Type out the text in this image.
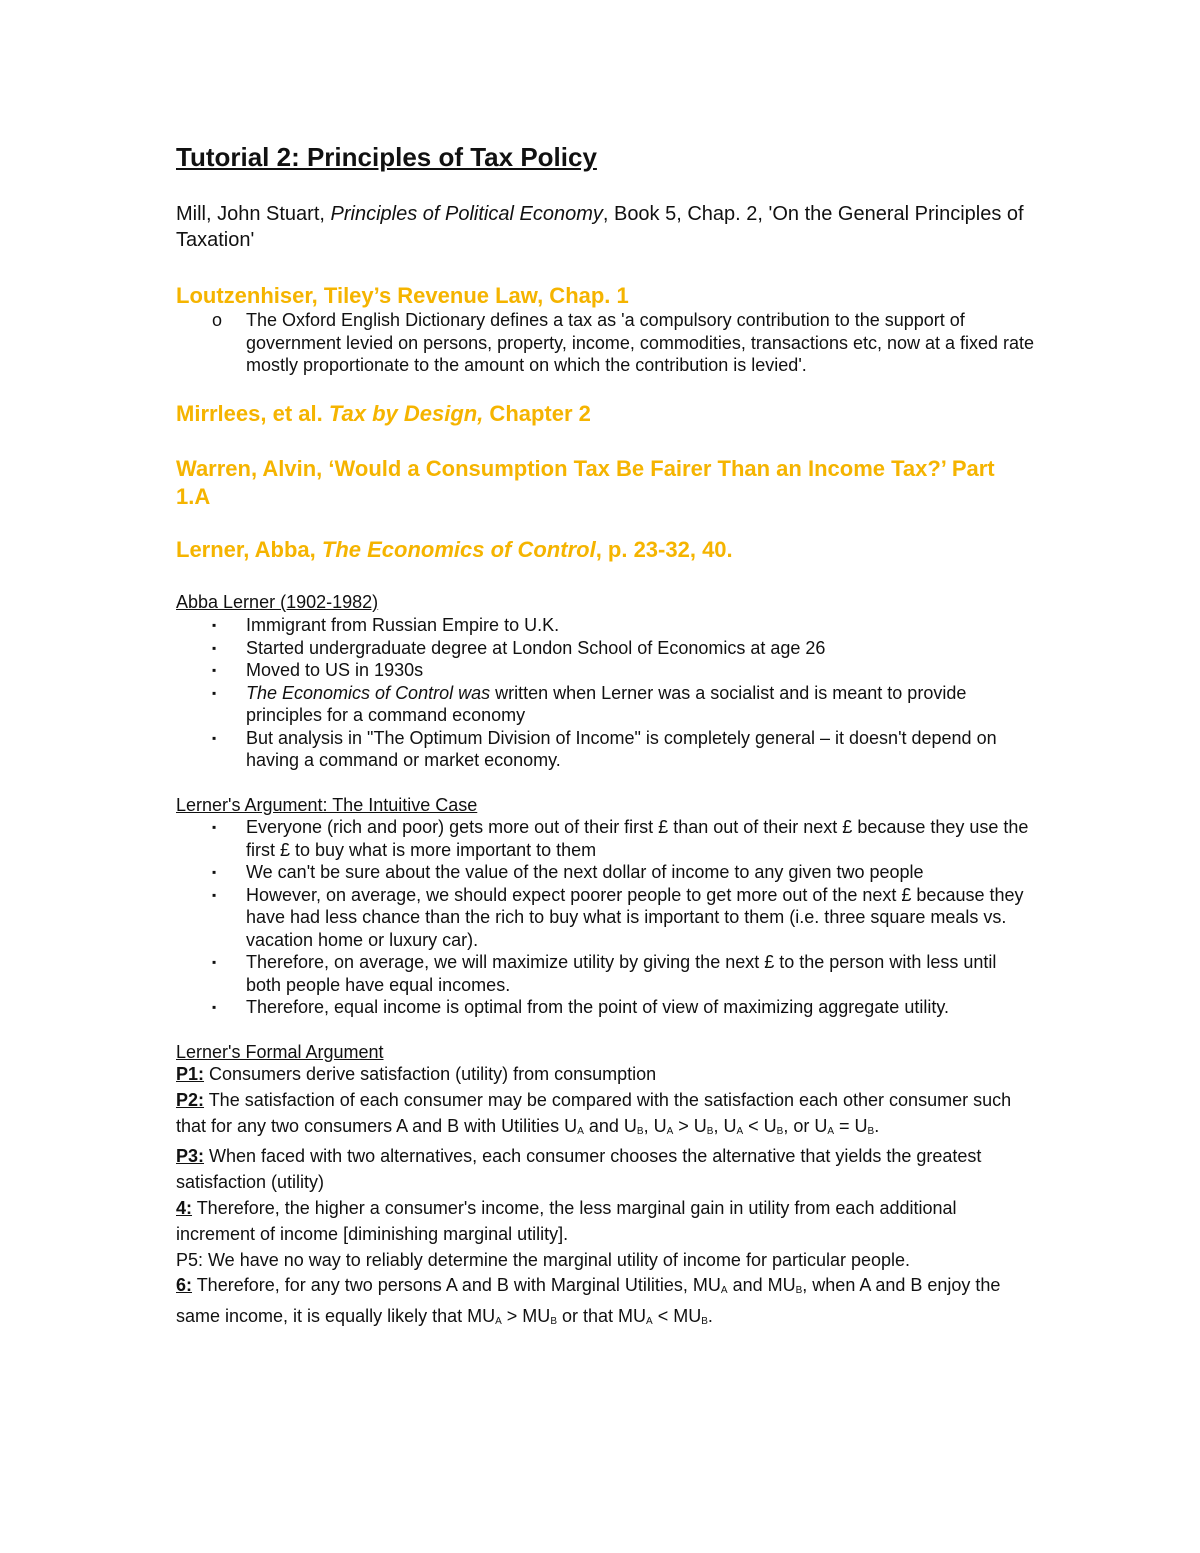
Tutorial 2: Principles of Tax Policy
Mill, John Stuart, Principles of Political Economy, Book 5, Chap. 2, 'On the General Principles of Taxation'
Loutzenhiser, Tiley’s Revenue Law, Chap. 1
o	The Oxford English Dictionary defines a tax as 'a compulsory contribution to the support of government levied on persons, property, income, commodities, transactions etc, now at a fixed rate mostly proportionate to the amount on which the contribution is levied'.
Mirrlees, et al. Tax by Design, Chapter 2
Warren, Alvin, ‘Would a Consumption Tax Be Fairer Than an Income Tax?’ Part 1.A
Lerner, Abba, The Economics of Control, p. 23-32, 40.
Abba Lerner (1902-1982)
▪	Immigrant from Russian Empire to U.K.
▪	Started undergraduate degree at London School of Economics at age 26
▪	Moved to US in 1930s
▪	The Economics of Control was written when Lerner was a socialist and is meant to provide principles for a command economy
▪	But analysis in "The Optimum Division of Income" is completely general – it doesn't depend on having a command or market economy.
Lerner's Argument: The Intuitive Case
▪	Everyone (rich and poor) gets more out of their first £ than out of their next £ because they use the first £ to buy what is more important to them
▪	We can't be sure about the value of the next dollar of income to any given two people
▪	However, on average, we should expect poorer people to get more out of the next £ because they have had less chance than the rich to buy what is important to them (i.e. three square meals vs. vacation home or luxury car).
▪	Therefore, on average, we will maximize utility by giving the next £ to the person with less until both people have equal incomes.
▪	Therefore, equal income is optimal from the point of view of maximizing aggregate utility.
Lerner's Formal Argument
P1: Consumers derive satisfaction (utility) from consumption
P2: The satisfaction of each consumer may be compared with the satisfaction each other consumer such that for any two consumers A and B with Utilities $U_A$ and $U_B$, $U_A > U_B$, $U_A < U_B$, or $U_A = U_B$.
P3: When faced with two alternatives, each consumer chooses the alternative that yields the greatest satisfaction (utility)
4: Therefore, the higher a consumer's income, the less marginal gain in utility from each additional increment of income [diminishing marginal utility].
P5: We have no way to reliably determine the marginal utility of income for particular people.
6: Therefore, for any two persons A and B with Marginal Utilities, $MU_A$ and $MU_B$, when A and B enjoy the same income, it is equally likely that $MU_A > MU_B$ or that $MU_A < MU_B$.
